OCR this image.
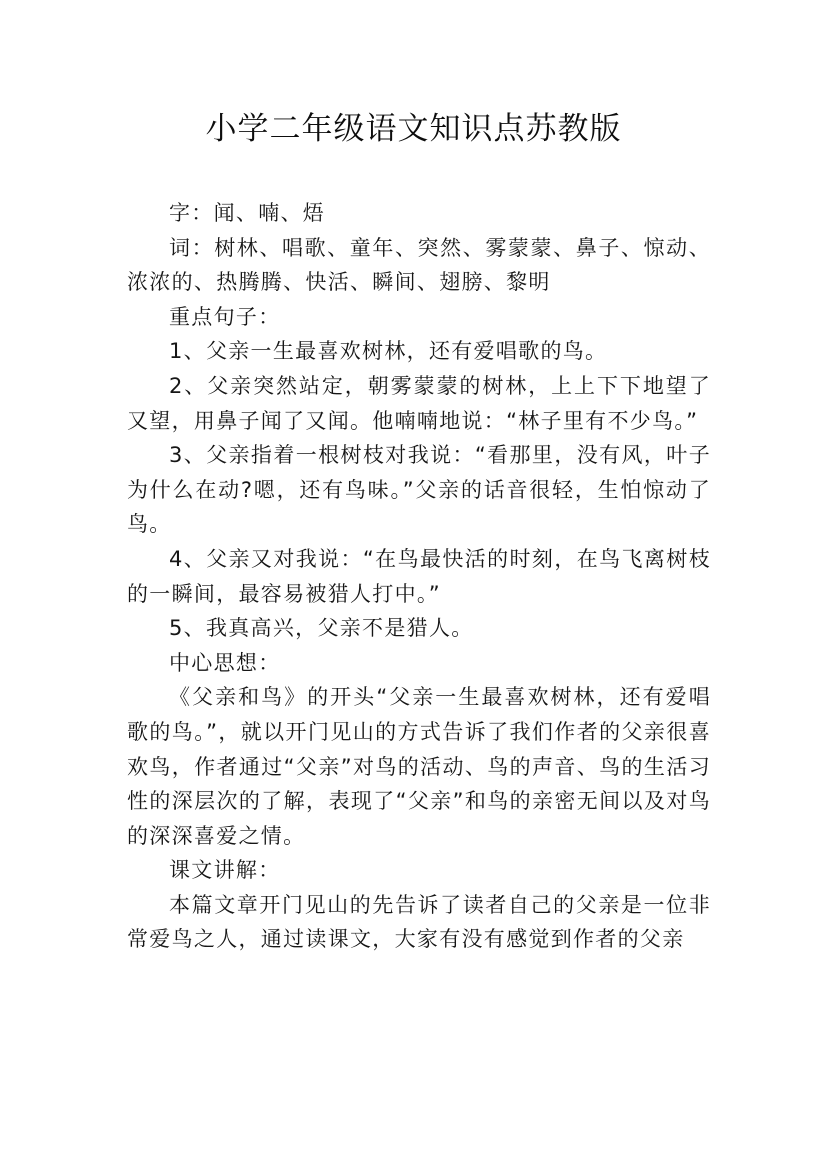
小学二年级语文知识点苏教版

字：闻、喃、焐

词：树林、唱歌、童年、突然、雾蒙蒙、鼻子、惊动、浓浓的、热腾腾、快活、瞬间、翅膀、黎明

重点句子：

1、父亲一生最喜欢树林，还有爱唱歌的鸟。

2、父亲突然站定，朝雾蒙蒙的树林，上上下下地望了又望，用鼻子闻了又闻。他喃喃地说：“林子里有不少鸟。”

3、父亲指着一根树枝对我说：“看那里，没有风，叶子为什么在动?嗯，还有鸟味。”父亲的话音很轻，生怕惊动了鸟。

4、父亲又对我说：“在鸟最快活的时刻，在鸟飞离树枝的一瞬间，最容易被猎人打中。”

5、我真高兴，父亲不是猎人。

中心思想：

《父亲和鸟》的开头“父亲一生最喜欢树林，还有爱唱歌的鸟。”，就以开门见山的方式告诉了我们作者的父亲很喜欢鸟，作者通过“父亲”对鸟的活动、鸟的声音、鸟的生活习性的深层次的了解，表现了“父亲”和鸟的亲密无间以及对鸟的深深喜爱之情。

课文讲解：

本篇文章开门见山的先告诉了读者自己的父亲是一位非常爱鸟之人，通过读课文，大家有没有感觉到作者的父亲
